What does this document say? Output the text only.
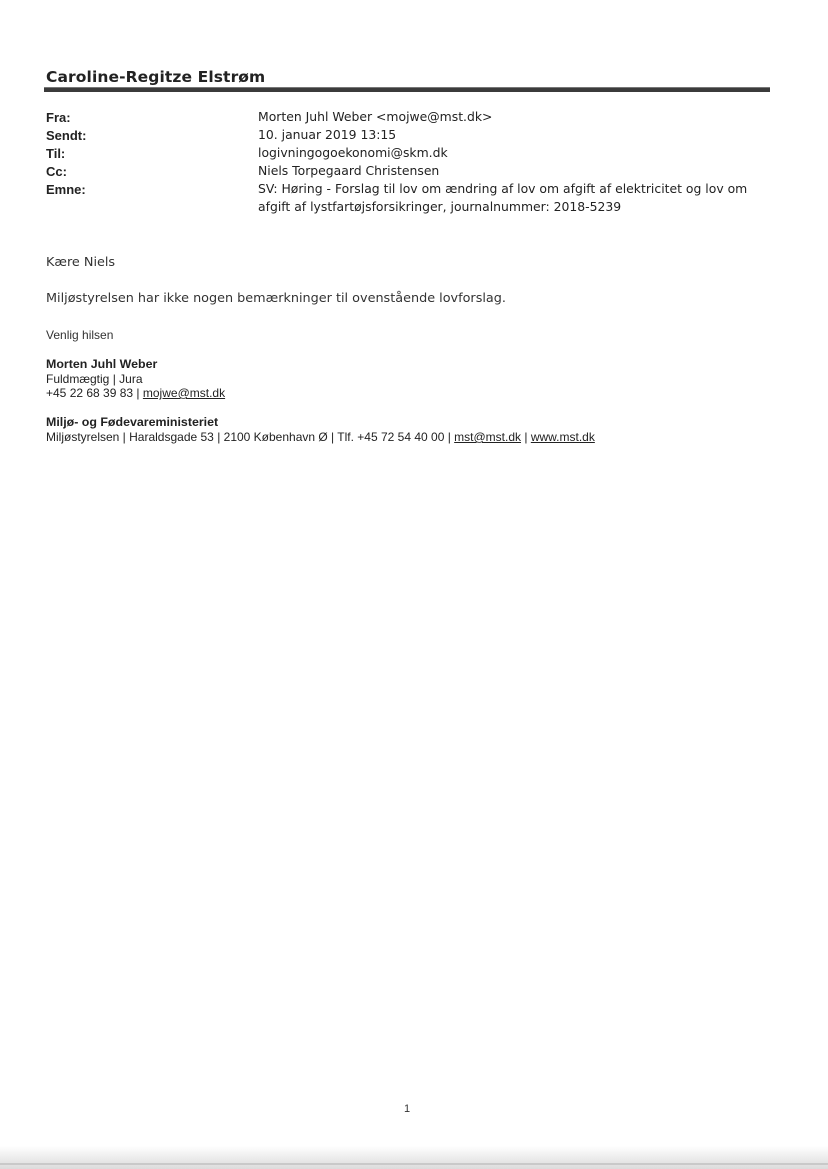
Caroline-Regitze Elstrøm
Fra:	Morten Juhl Weber <mojwe@mst.dk>
Sendt:	10. januar 2019 13:15
Til:	logivningogoekonomi@skm.dk
Cc:	Niels Torpegaard Christensen
Emne:	SV: Høring - Forslag til lov om ændring af lov om afgift af elektricitet og lov om afgift af lystfartøjsforsikringer, journalnummer: 2018-5239
Kære Niels
Miljøstyrelsen har ikke nogen bemærkninger til ovenstående lovforslag.
Venlig hilsen
Morten Juhl Weber
Fuldmægtig | Jura
+45 22 68 39 83 | mojwe@mst.dk
Miljø- og Fødevareministeriet
Miljøstyrelsen | Haraldsgade 53 | 2100 København Ø | Tlf. +45 72 54 40 00 | mst@mst.dk | www.mst.dk
1
